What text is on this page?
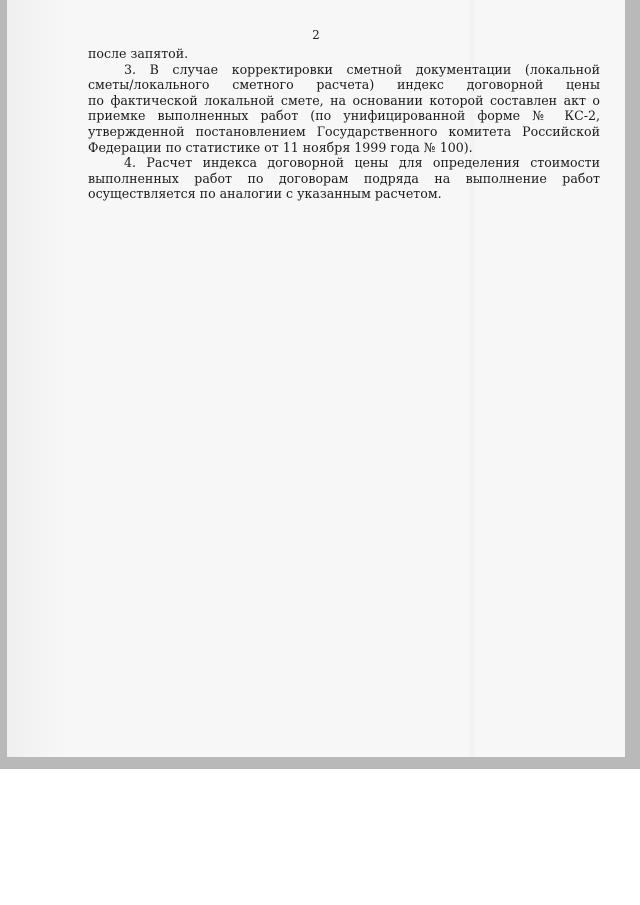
2
после запятой.
3. В случае корректировки сметной документации (локальной
сметы/локального сметного расчета) индекс договорной цены
по фактической локальной смете, на основании которой составлен акт о
приемке выполненных работ (по унифицированной форме № КС-2,
утвержденной постановлением Государственного комитета Российской
Федерации по статистике от 11 ноября 1999 года № 100).
4. Расчет индекса договорной цены для определения стоимости
выполненных работ по договорам подряда на выполнение работ
осуществляется по аналогии с указанным расчетом.
